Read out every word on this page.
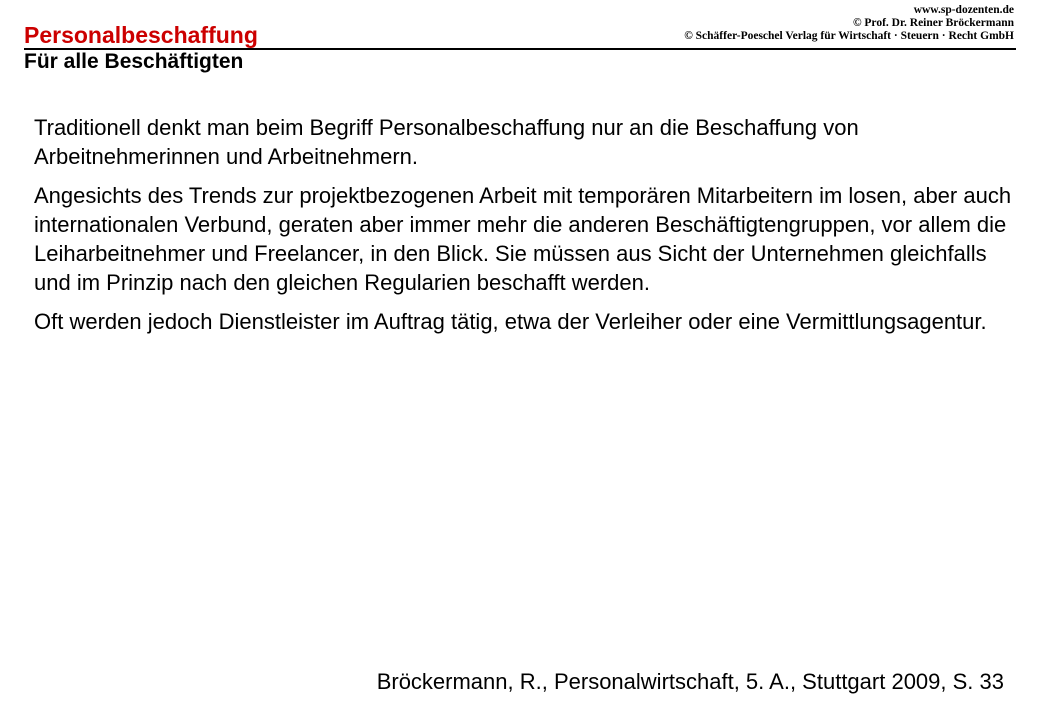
Personalbeschaffung
www.sp-dozenten.de
© Prof. Dr. Reiner Bröckermann
© Schäffer-Poeschel Verlag für Wirtschaft · Steuern · Recht GmbH
Für alle Beschäftigten

Traditionell denkt man beim Begriff Personalbeschaffung nur an die Beschaffung von Arbeitnehmerinnen und Arbeitnehmern.

Angesichts des Trends zur projektbezogenen Arbeit mit temporären Mitarbeitern im losen, aber auch internationalen Verbund, geraten aber immer mehr die anderen Beschäftigtengruppen, vor allem die Leiharbeitnehmer und Freelancer, in den Blick. Sie müssen aus Sicht der Unternehmen gleichfalls und im Prinzip nach den gleichen Regularien beschafft werden.

Oft werden jedoch Dienstleister im Auftrag tätig, etwa der Verleiher oder eine Vermittlungsagentur.

Bröckermann, R., Personalwirtschaft, 5. A., Stuttgart 2009, S. 33
